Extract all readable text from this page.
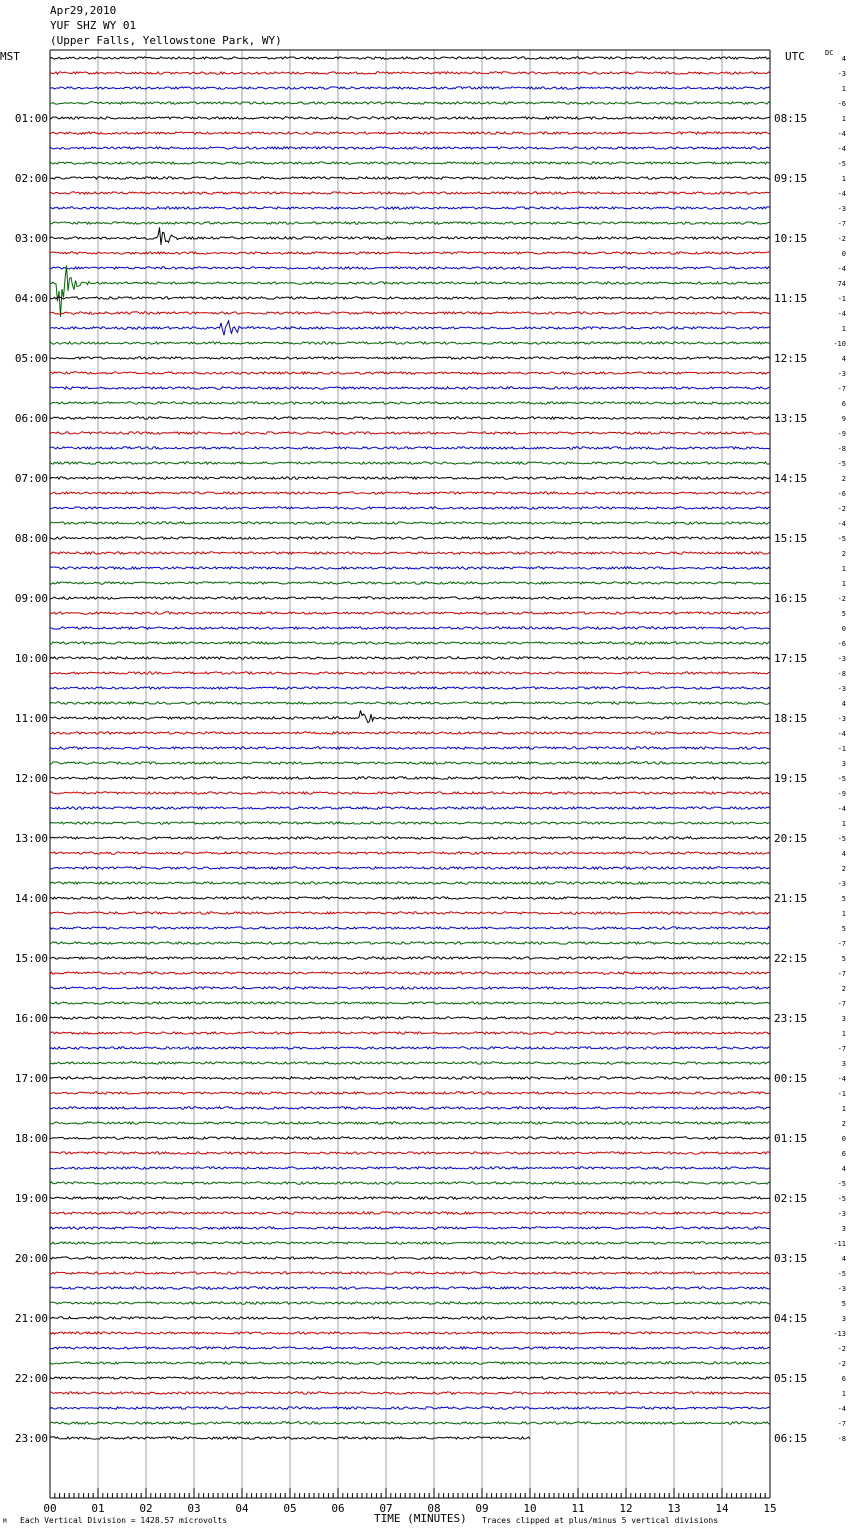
Apr29,2010
YUF SHZ WY 01
(Upper Falls, Yellowstone Park, WY)
MST	UTC	DC
01:00
02:00
03:00
04:00
05:00
06:00
07:00
08:00
09:00
10:00
11:00
12:00
13:00
14:00
15:00
16:00
17:00
18:00
19:00
20:00
21:00
22:00
23:00
08:15
09:15
10:15
11:15
12:15
13:15
14:15
15:15
16:15
17:15
18:15
19:15
20:15
21:15
22:15
23:15
00:15
01:15
02:15
03:15
04:15
05:15
06:15
4
-3
1
-6
1
-4
-4
-5
1
-4
-3
-7
-2
0
-4
74
-1
-4
1
-10
4
-3
-7
6
9
-9
-8
-5
2
-6
-2
-4
-5
2
1
1
-2
5
0
-6
-3
-8
-3
4
-3
-4
-1
3
-5
-9
-4
1
-5
4
2
-3
5
1
5
-7
5
-7
2
-7
3
1
-7
3
-4
-1
1
2
0
6
4
-5
-5
-3
3
-11
4
-5
-3
5
3
-13
-2
-2
6
1
-4
-7
-8
00	01	02	03	04	05	06	07	08	09	10	11	12	13	14	15
Each Vertical Division = 1428.57 microvolts	TIME (MINUTES) Traces clipped at plus/minus 5 vertical divisions
M
